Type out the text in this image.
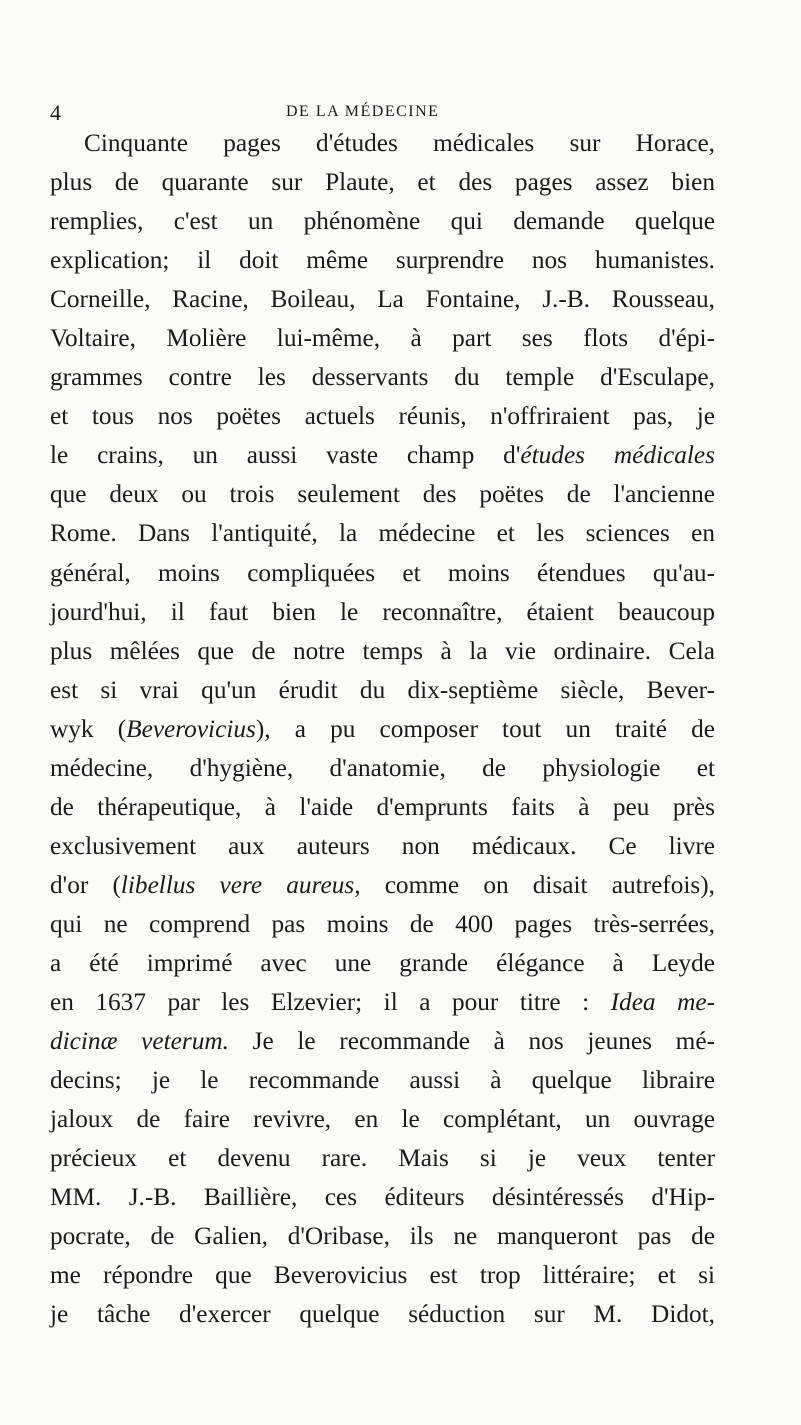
4	DE LA MÉDECINE
Cinquante pages d'études médicales sur Horace,
plus de quarante sur Plaute, et des pages assez bien
remplies, c'est un phénomène qui demande quelque
explication; il doit même surprendre nos humanistes.
Corneille, Racine, Boileau, La Fontaine, J.-B. Rousseau,
Voltaire, Molière lui-même, à part ses flots d'épi-
grammes contre les desservants du temple d'Esculape,
et tous nos poëtes actuels réunis, n'offriraient pas, je
le crains, un aussi vaste champ d'études médicales
que deux ou trois seulement des poëtes de l'ancienne
Rome. Dans l'antiquité, la médecine et les sciences en
général, moins compliquées et moins étendues qu'au-
jourd'hui, il faut bien le reconnaître, étaient beaucoup
plus mêlées que de notre temps à la vie ordinaire. Cela
est si vrai qu'un érudit du dix-septième siècle, Bever-
wyk (Beverovicius), a pu composer tout un traité de
médecine, d'hygiène, d'anatomie, de physiologie et
de thérapeutique, à l'aide d'emprunts faits à peu près
exclusivement aux auteurs non médicaux. Ce livre
d'or (libellus vere aureus, comme on disait autrefois),
qui ne comprend pas moins de 400 pages très-serrées,
a été imprimé avec une grande élégance à Leyde
en 1637 par les Elzevier; il a pour titre : Idea me-
dicinæ veterum. Je le recommande à nos jeunes mé-
decins; je le recommande aussi à quelque libraire
jaloux de faire revivre, en le complétant, un ouvrage
précieux et devenu rare. Mais si je veux tenter
MM. J.-B. Baillière, ces éditeurs désintéressés d'Hip-
pocrate, de Galien, d'Oribase, ils ne manqueront pas de
me répondre que Beverovicius est trop littéraire; et si
je tâche d'exercer quelque séduction sur M. Didot,
